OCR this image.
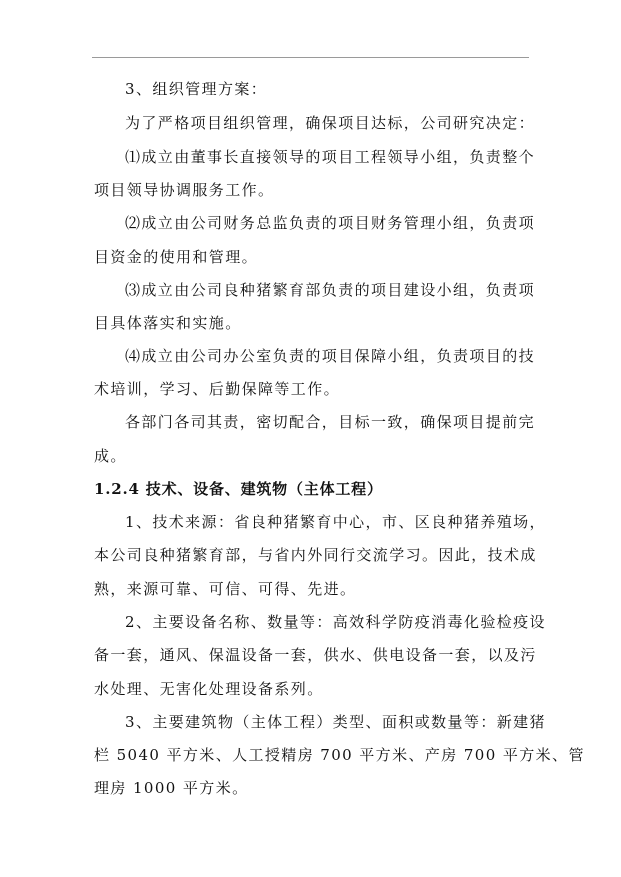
3、组织管理方案：
为了严格项目组织管理，确保项目达标，公司研究决定：
⑴成立由董事长直接领导的项目工程领导小组，负责整个
项目领导协调服务工作。
⑵成立由公司财务总监负责的项目财务管理小组，负责项
目资金的使用和管理。
⑶成立由公司良种猪繁育部负责的项目建设小组，负责项
目具体落实和实施。
⑷成立由公司办公室负责的项目保障小组，负责项目的技
术培训，学习、后勤保障等工作。
各部门各司其责，密切配合，目标一致，确保项目提前完
成。
1.2.4 技术、设备、建筑物（主体工程）
1、技术来源：省良种猪繁育中心，市、区良种猪养殖场，
本公司良种猪繁育部，与省内外同行交流学习。因此，技术成
熟，来源可靠、可信、可得、先进。
2、主要设备名称、数量等：高效科学防疫消毒化验检疫设
备一套，通风、保温设备一套，供水、供电设备一套，以及污
水处理、无害化处理设备系列。
3、主要建筑物（主体工程）类型、面积或数量等：新建猪
栏 5040 平方米、人工授精房 700 平方米、产房 700 平方米、管
理房 1000 平方米。
